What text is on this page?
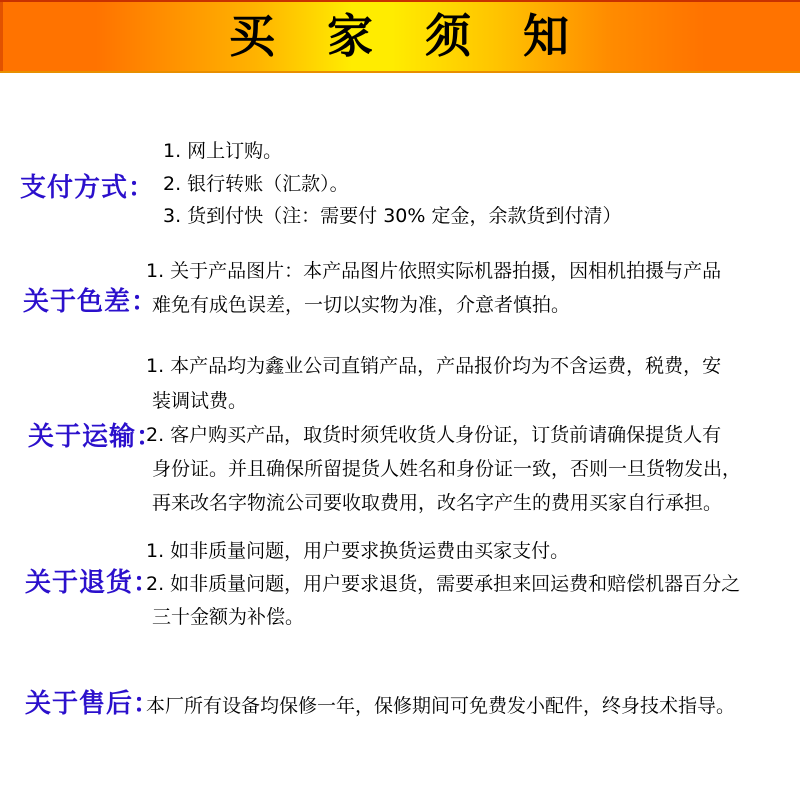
买 家 须 知
支付方式：
1. 网上订购。
2. 银行转账（汇款）。
3. 货到付快（注：需要付 30% 定金，余款货到付清）
关于色差：
1. 关于产品图片：本产品图片依照实际机器拍摄，因相机拍摄与产品
难免有成色误差，一切以实物为准，介意者慎拍。
关于运输：
1. 本产品均为鑫业公司直销产品，产品报价均为不含运费，税费，安
装调试费。
2. 客户购买产品，取货时须凭收货人身份证，订货前请确保提货人有
身份证。并且确保所留提货人姓名和身份证一致，否则一旦货物发出，
再来改名字物流公司要收取费用，改名字产生的费用买家自行承担。
关于退货：
1. 如非质量问题，用户要求换货运费由买家支付。
2. 如非质量问题，用户要求退货，需要承担来回运费和赔偿机器百分之
三十金额为补偿。
关于售后：
本厂所有设备均保修一年，保修期间可免费发小配件，终身技术指导。
